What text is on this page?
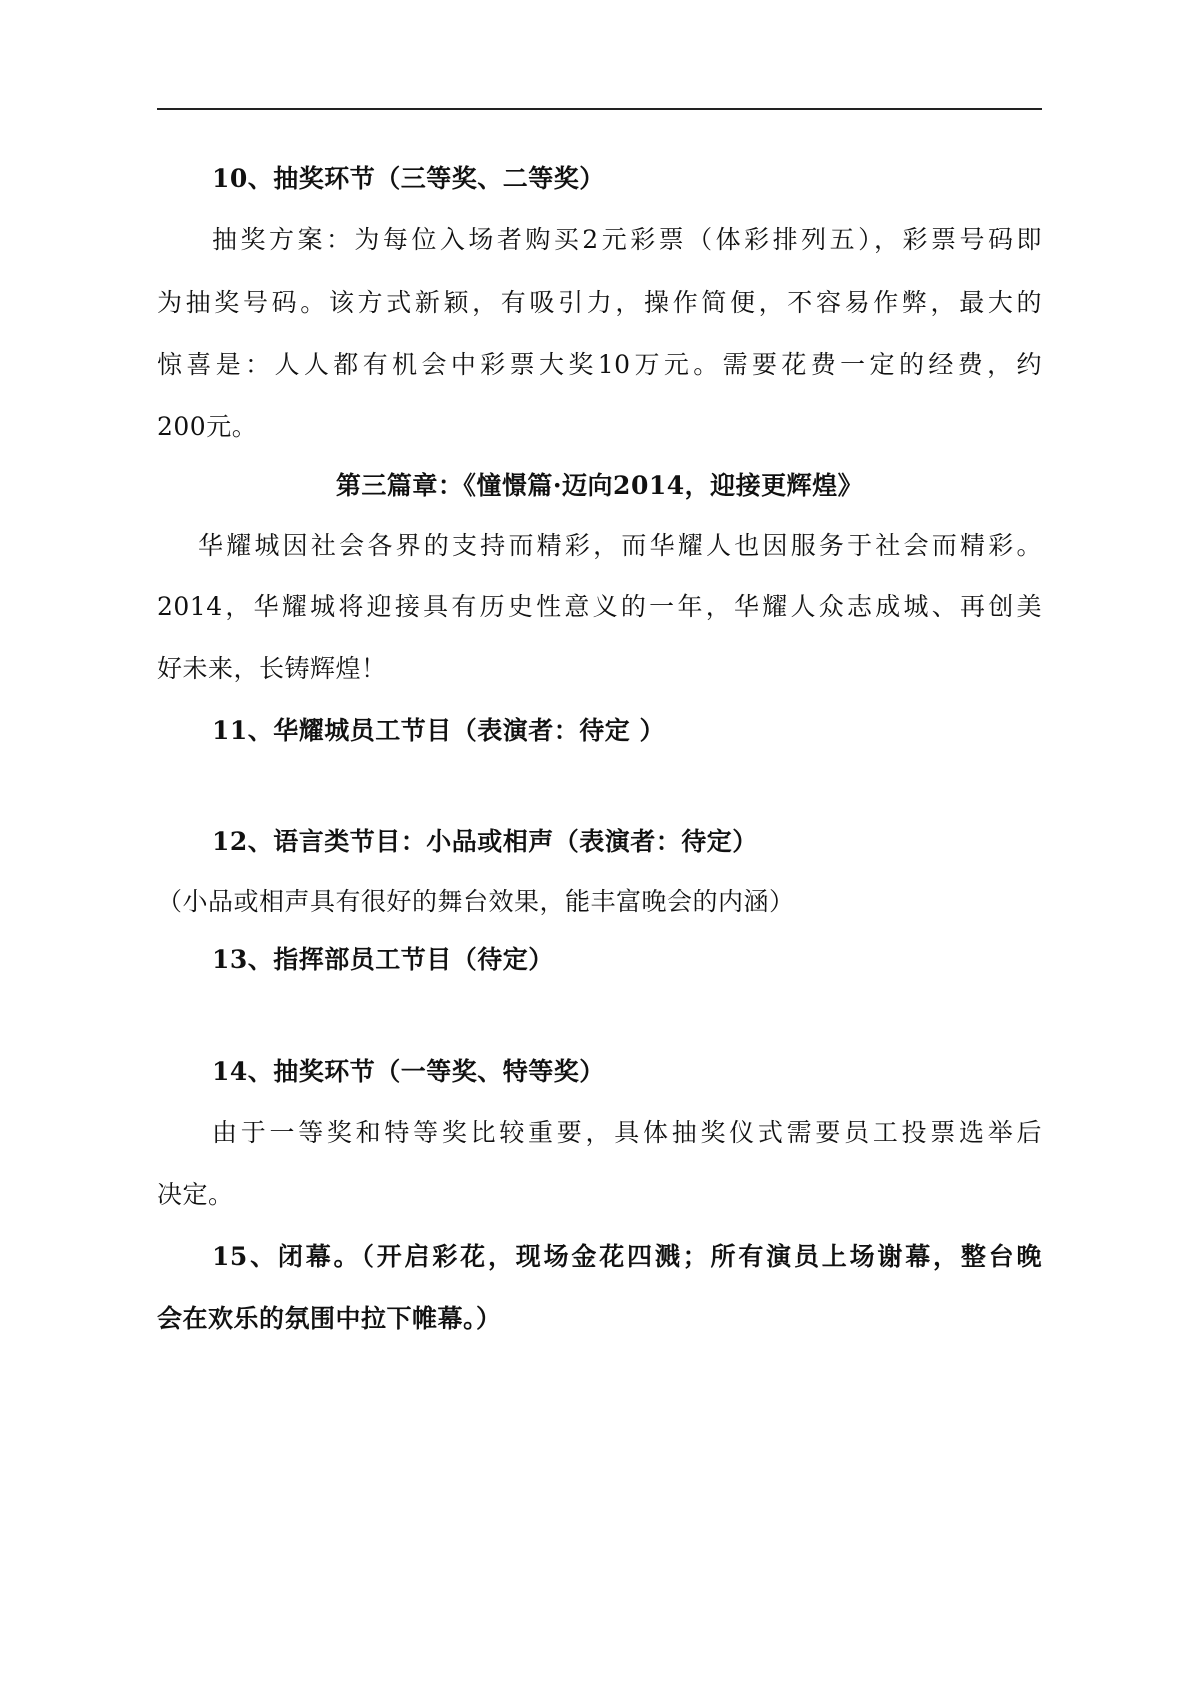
10、抽奖环节（三等奖、二等奖）
抽奖方案：为每位入场者购买2元彩票（体彩排列五），彩票号码即
为抽奖号码。该方式新颖，有吸引力，操作简便，不容易作弊，最大的
惊喜是：人人都有机会中彩票大奖10万元。需要花费一定的经费，约
200元。
第三篇章：《憧憬篇·迈向2014，迎接更辉煌》
华耀城因社会各界的支持而精彩，而华耀人也因服务于社会而精彩。
2014，华耀城将迎接具有历史性意义的一年，华耀人众志成城、再创美
好未来，长铸辉煌！
11、华耀城员工节目（表演者：待定 ）
12、语言类节目：小品或相声（表演者：待定）
（小品或相声具有很好的舞台效果，能丰富晚会的内涵）
13、指挥部员工节目（待定）
14、抽奖环节（一等奖、特等奖）
由于一等奖和特等奖比较重要，具体抽奖仪式需要员工投票选举后
决定。
15、闭幕。（开启彩花，现场金花四溅；所有演员上场谢幕，整台晚
会在欢乐的氛围中拉下帷幕。）
